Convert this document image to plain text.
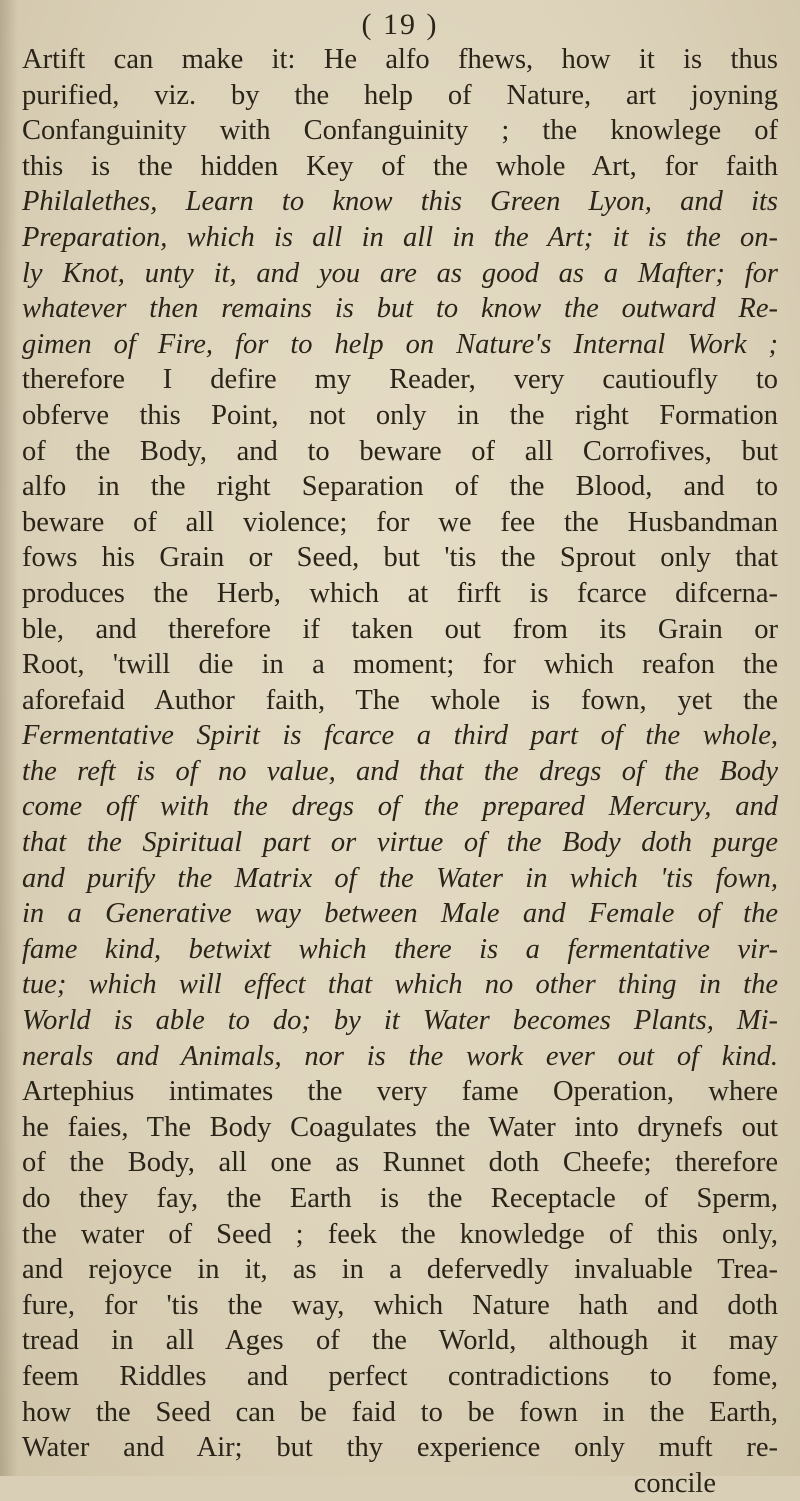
( 19 )
Artift can make it: He alfo fhews, how it is thus
purified, viz. by the help of Nature, art joyning
Confanguinity with Confanguinity ; the knowlege of
this is the hidden Key of the whole Art, for faith
Philalethes, Learn to know this Green Lyon, and its
Preparation, which is all in all in the Art; it is the on-
ly Knot, unty it, and you are as good as a Mafter; for
whatever then remains is but to know the outward Re-
gimen of Fire, for to help on Nature's Internal Work ;
therefore I defire my Reader, very cautioufly to
obferve this Point, not only in the right Formation
of the Body, and to beware of all Corrofives, but
alfo in the right Separation of the Blood, and to
beware of all violence; for we fee the Husbandman
fows his Grain or Seed, but 'tis the Sprout only that
produces the Herb, which at firft is fcarce difcerna-
ble, and therefore if taken out from its Grain or
Root, 'twill die in a moment; for which reafon the
aforefaid Author faith, The whole is fown, yet the
Fermentative Spirit is fcarce a third part of the whole,
the reft is of no value, and that the dregs of the Body
come off with the dregs of the prepared Mercury, and
that the Spiritual part or virtue of the Body doth purge
and purify the Matrix of the Water in which 'tis fown,
in a Generative way between Male and Female of the
fame kind, betwixt which there is a fermentative vir-
tue; which will effect that which no other thing in the
World is able to do; by it Water becomes Plants, Mi-
nerals and Animals, nor is the work ever out of kind.
Artephius intimates the very fame Operation, where
he faies, The Body Coagulates the Water into drynefs out
of the Body, all one as Runnet doth Cheefe; therefore
do they fay, the Earth is the Receptacle of Sperm,
the water of Seed ; feek the knowledge of this only,
and rejoyce in it, as in a defervedly invaluable Trea-
fure, for 'tis the way, which Nature hath and doth
tread in all Ages of the World, although it may
feem Riddles and perfect contradictions to fome,
how the Seed can be faid to be fown in the Earth,
Water and Air; but thy experience only muft re-
concile
